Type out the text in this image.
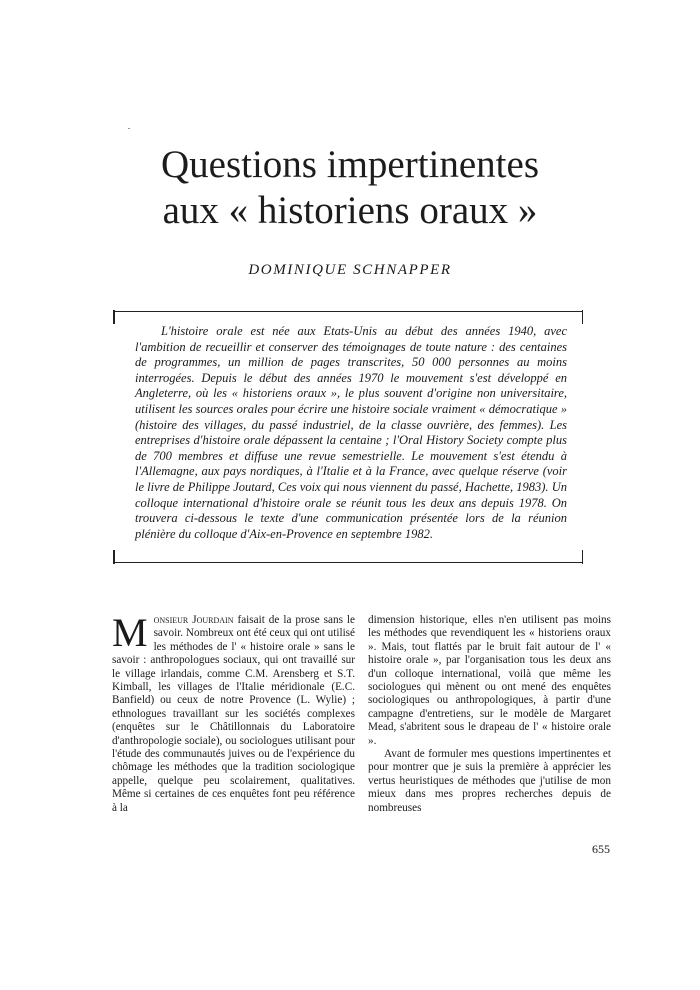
Questions impertinentes
aux « historiens oraux »

DOMINIQUE SCHNAPPER

L'histoire orale est née aux Etats-Unis au début des années 1940, avec l'ambition de recueillir et conserver des témoignages de toute nature : des centaines de programmes, un million de pages transcrites, 50 000 personnes au moins interrogées. Depuis le début des années 1970 le mouvement s'est développé en Angleterre, où les « historiens oraux », le plus souvent d'origine non universitaire, utilisent les sources orales pour écrire une histoire sociale vraiment « démocratique » (histoire des villages, du passé industriel, de la classe ouvrière, des femmes). Les entreprises d'histoire orale dépassent la centaine ; l'Oral History Society compte plus de 700 membres et diffuse une revue semestrielle. Le mouvement s'est étendu à l'Allemagne, aux pays nordiques, à l'Italie et à la France, avec quelque réserve (voir le livre de Philippe Joutard, Ces voix qui nous viennent du passé, Hachette, 1983). Un colloque international d'histoire orale se réunit tous les deux ans depuis 1978. On trouvera ci-dessous le texte d'une communication présentée lors de la réunion plénière du colloque d'Aix-en-Provence en septembre 1982.

Monsieur Jourdain faisait de la prose sans le savoir. Nombreux ont été ceux qui ont utilisé les méthodes de l' « histoire orale » sans le savoir : anthropologues sociaux, qui ont travaillé sur le village irlandais, comme C.M. Arensberg et S.T. Kimball, les villages de l'Italie méridionale (E.C. Banfield) ou ceux de notre Provence (L. Wylie) ; ethnologues travaillant sur les sociétés complexes (enquêtes sur le Châtillonnais du Laboratoire d'anthropologie sociale), ou sociologues utilisant pour l'étude des communautés juives ou de l'expérience du chômage les méthodes que la tradition sociologique appelle, quelque peu scolairement, qualitatives. Même si certaines de ces enquêtes font peu référence à la

dimension historique, elles n'en utilisent pas moins les méthodes que revendiquent les « historiens oraux ». Mais, tout flattés par le bruit fait autour de l' « histoire orale », par l'organisation tous les deux ans d'un colloque international, voilà que même les sociologues qui mènent ou ont mené des enquêtes sociologiques ou anthropologiques, à partir d'une campagne d'entretiens, sur le modèle de Margaret Mead, s'abritent sous le drapeau de l' « histoire orale ».

Avant de formuler mes questions impertinentes et pour montrer que je suis la première à apprécier les vertus heuristiques de méthodes que j'utilise de mon mieux dans mes propres recherches depuis de nombreuses

655
